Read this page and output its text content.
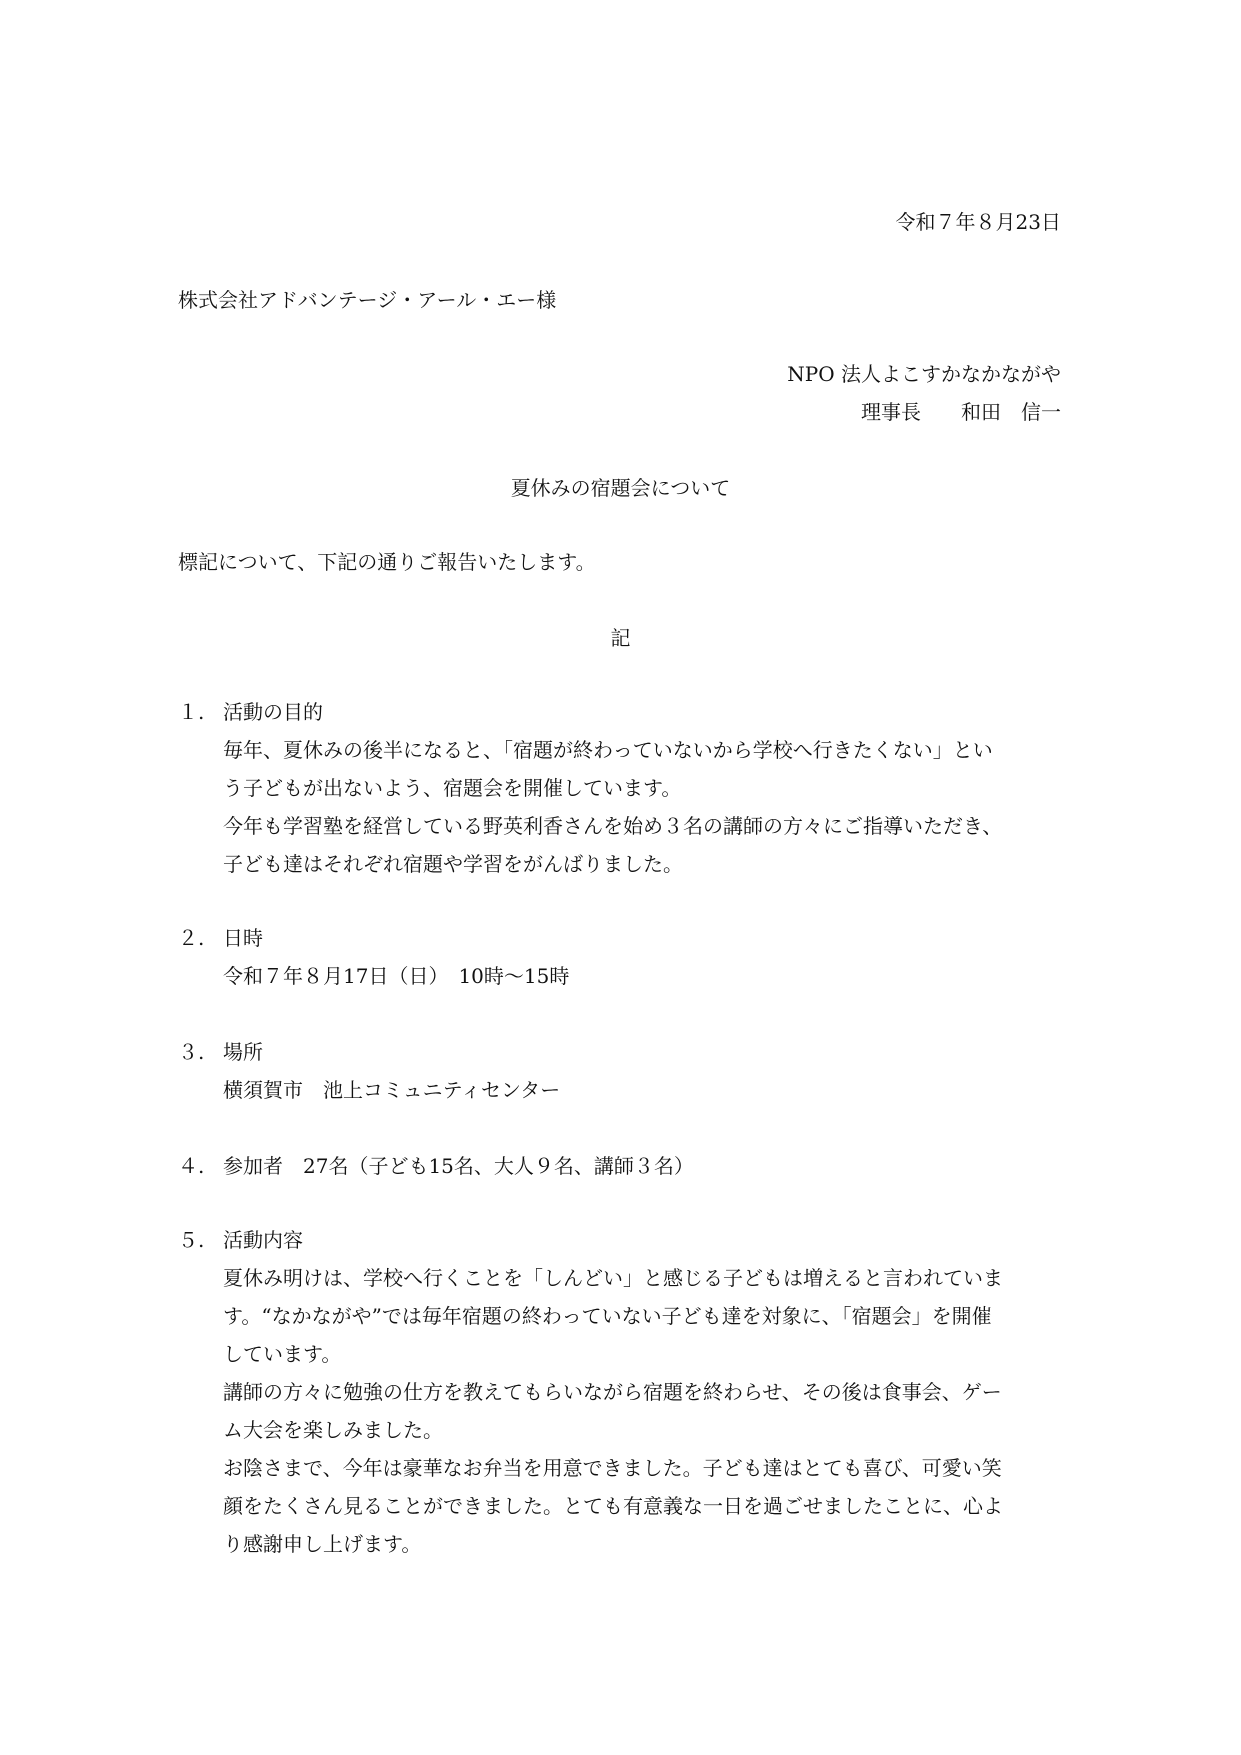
令和７年８月23日
株式会社アドバンテージ・アール・エー様
NPO 法人よこすかなかながや
理事長　　和田　信一
夏休みの宿題会について
標記について、下記の通りご報告いたします。
記
１. 活動の目的
毎年、夏休みの後半になると、「宿題が終わっていないから学校へ行きたくない」とい
う子どもが出ないよう、宿題会を開催しています。
今年も学習塾を経営している野英利香さんを始め３名の講師の方々にご指導いただき、
子ども達はそれぞれ宿題や学習をがんばりました。
２. 日時
令和７年８月17日（日）　10時〜15時
３. 場所
横須賀市　池上コミュニティセンター
４. 参加者　27名（子ども15名、大人９名、講師３名）
５. 活動内容
夏休み明けは、学校へ行くことを「しんどい」と感じる子どもは増えると言われていま
す。“なかながや”では毎年宿題の終わっていない子ども達を対象に、「宿題会」を開催
しています。
講師の方々に勉強の仕方を教えてもらいながら宿題を終わらせ、その後は食事会、ゲー
ム大会を楽しみました。
お陰さまで、今年は豪華なお弁当を用意できました。子ども達はとても喜び、可愛い笑
顔をたくさん見ることができました。とても有意義な一日を過ごせましたことに、心よ
り感謝申し上げます。
